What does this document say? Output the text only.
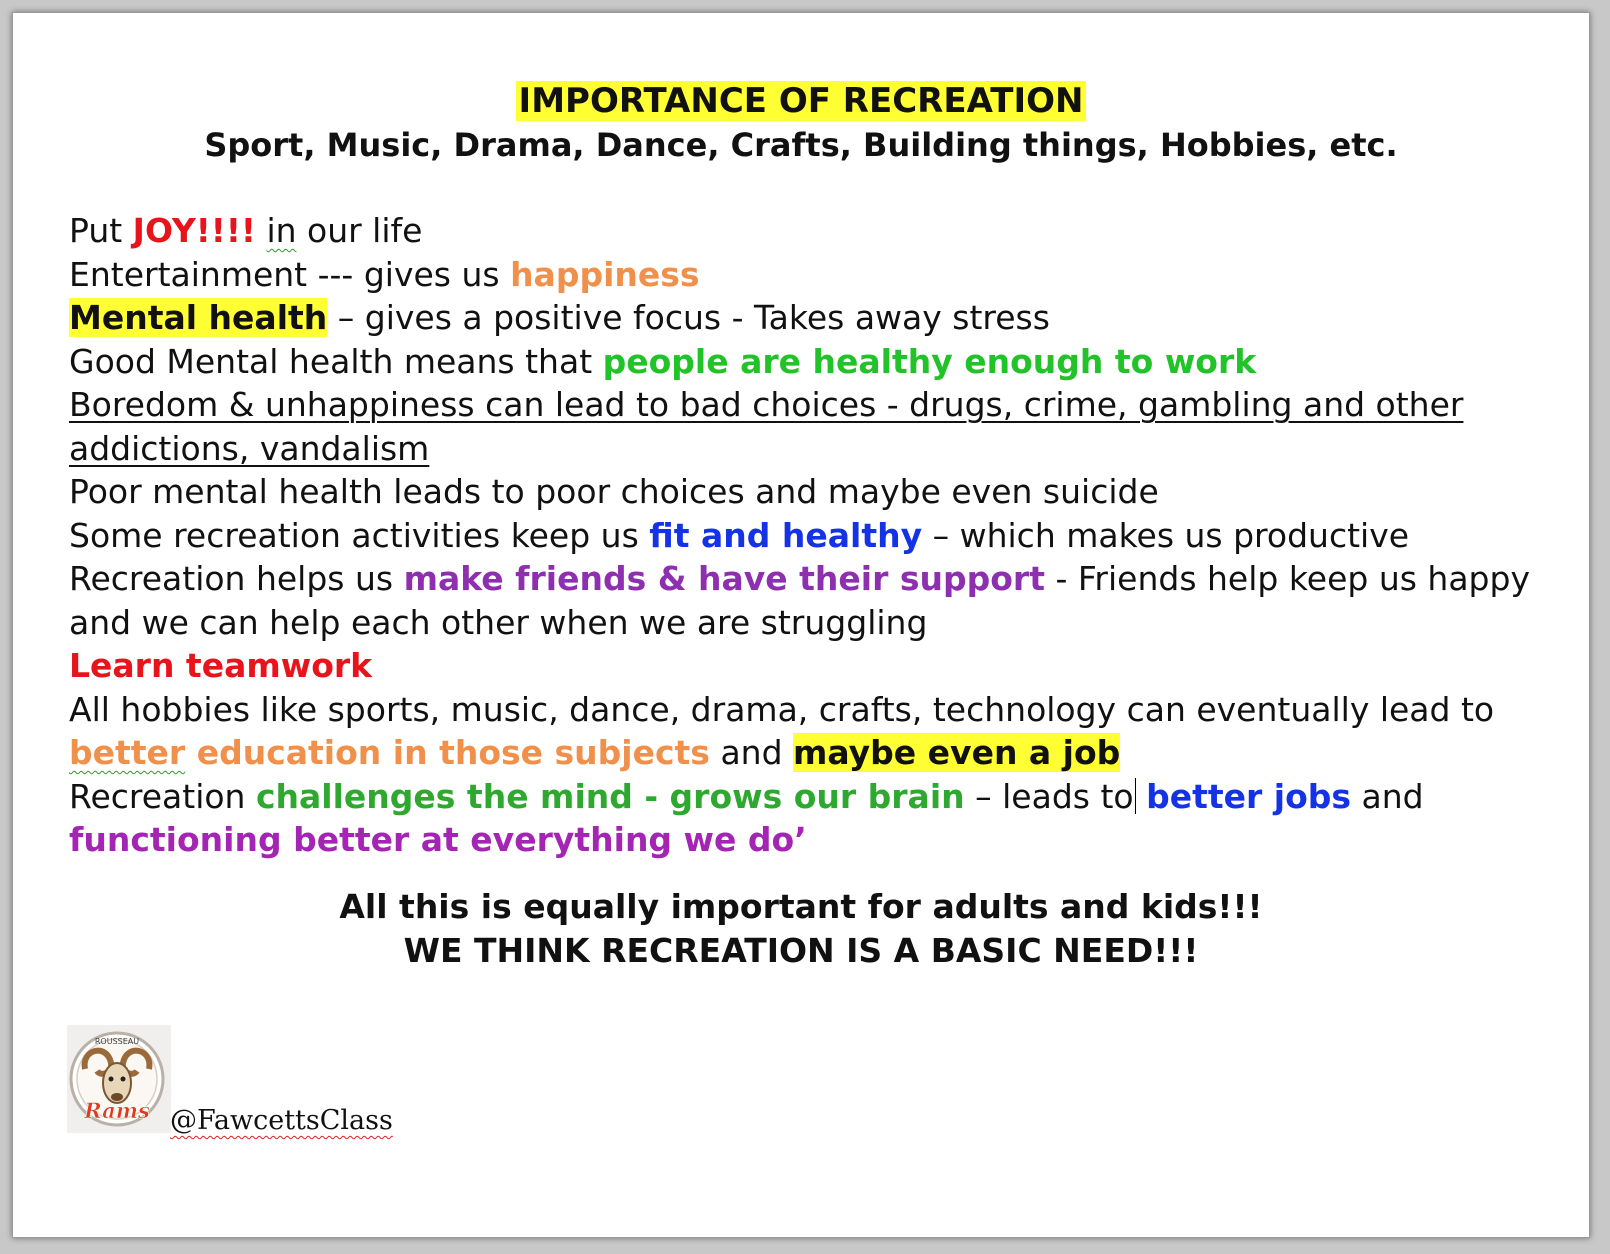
IMPORTANCE OF RECREATION
Sport, Music, Drama, Dance, Crafts, Building things, Hobbies, etc.

Put JOY!!!! in our life

Entertainment --- gives us happiness

Mental health – gives a positive focus - Takes away stress

Good Mental health means that people are healthy enough to work

Boredom & unhappiness can lead to bad choices - drugs, crime, gambling and other

addictions, vandalism

Poor mental health leads to poor choices and maybe even suicide

Some recreation activities keep us fit and healthy – which makes us productive

Recreation helps us make friends & have their support - Friends help keep us happy

and we can help each other when we are struggling

Learn teamwork

All hobbies like sports, music, dance, drama, crafts, technology can eventually lead to

better education in those subjects and maybe even a job

Recreation challenges the mind - grows our brain – leads to better jobs and

functioning better at everything we do’

All this is equally important for adults and kids!!!
WE THINK RECREATION IS A BASIC NEED!!!
Rams
ROUSSEAU
@FawcettsClass
